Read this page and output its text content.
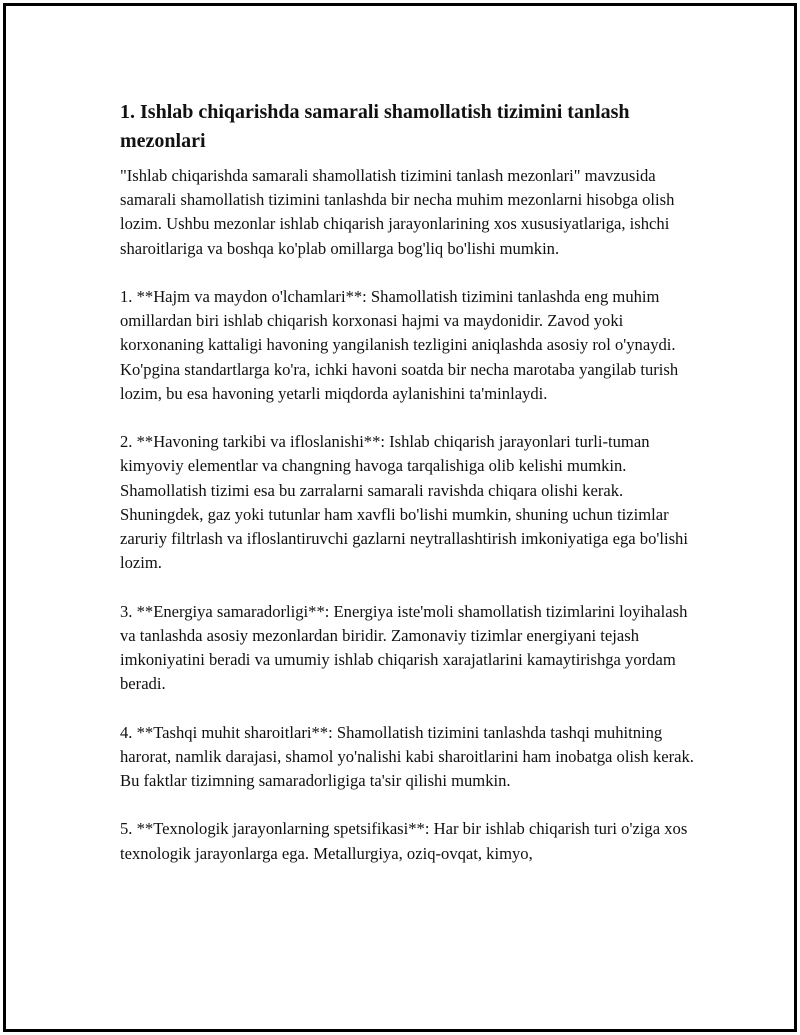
1. Ishlab chiqarishda samarali shamollatish tizimini tanlash mezonlari

"Ishlab chiqarishda samarali shamollatish tizimini tanlash mezonlari" mavzusida samarali shamollatish tizimini tanlashda bir necha muhim mezonlarni hisobga olish lozim. Ushbu mezonlar ishlab chiqarish jarayonlarining xos xususiyatlariga, ishchi sharoitlariga va boshqa ko'plab omillarga bog'liq bo'lishi mumkin.

1. **Hajm va maydon o'lchamlari**: Shamollatish tizimini tanlashda eng muhim omillardan biri ishlab chiqarish korxonasi hajmi va maydonidir. Zavod yoki korxonaning kattaligi havoning yangilanish tezligini aniqlashda asosiy rol o'ynaydi. Ko'pgina standartlarga ko'ra, ichki havoni soatda bir necha marotaba yangilab turish lozim, bu esa havoning yetarli miqdorda aylanishini ta'minlaydi.

2. **Havoning tarkibi va ifloslanishi**: Ishlab chiqarish jarayonlari turli-tuman kimyoviy elementlar va changning havoga tarqalishiga olib kelishi mumkin. Shamollatish tizimi esa bu zarralarni samarali ravishda chiqara olishi kerak. Shuningdek, gaz yoki tutunlar ham xavfli bo'lishi mumkin, shuning uchun tizimlar zaruriy filtrlash va ifloslantiruvchi gazlarni neytrallashtirish imkoniyatiga ega bo'lishi lozim.

3. **Energiya samaradorligi**: Energiya iste'moli shamollatish tizimlarini loyihalash va tanlashda asosiy mezonlardan biridir. Zamonaviy tizimlar energiyani tejash imkoniyatini beradi va umumiy ishlab chiqarish xarajatlarini kamaytirishga yordam beradi.

4. **Tashqi muhit sharoitlari**: Shamollatish tizimini tanlashda tashqi muhitning harorat, namlik darajasi, shamol yo'nalishi kabi sharoitlarini ham inobatga olish kerak. Bu faktlar tizimning samaradorligiga ta'sir qilishi mumkin.

5. **Texnologik jarayonlarning spetsifikasi**: Har bir ishlab chiqarish turi o'ziga xos texnologik jarayonlarga ega. Metallurgiya, oziq-ovqat, kimyo,
